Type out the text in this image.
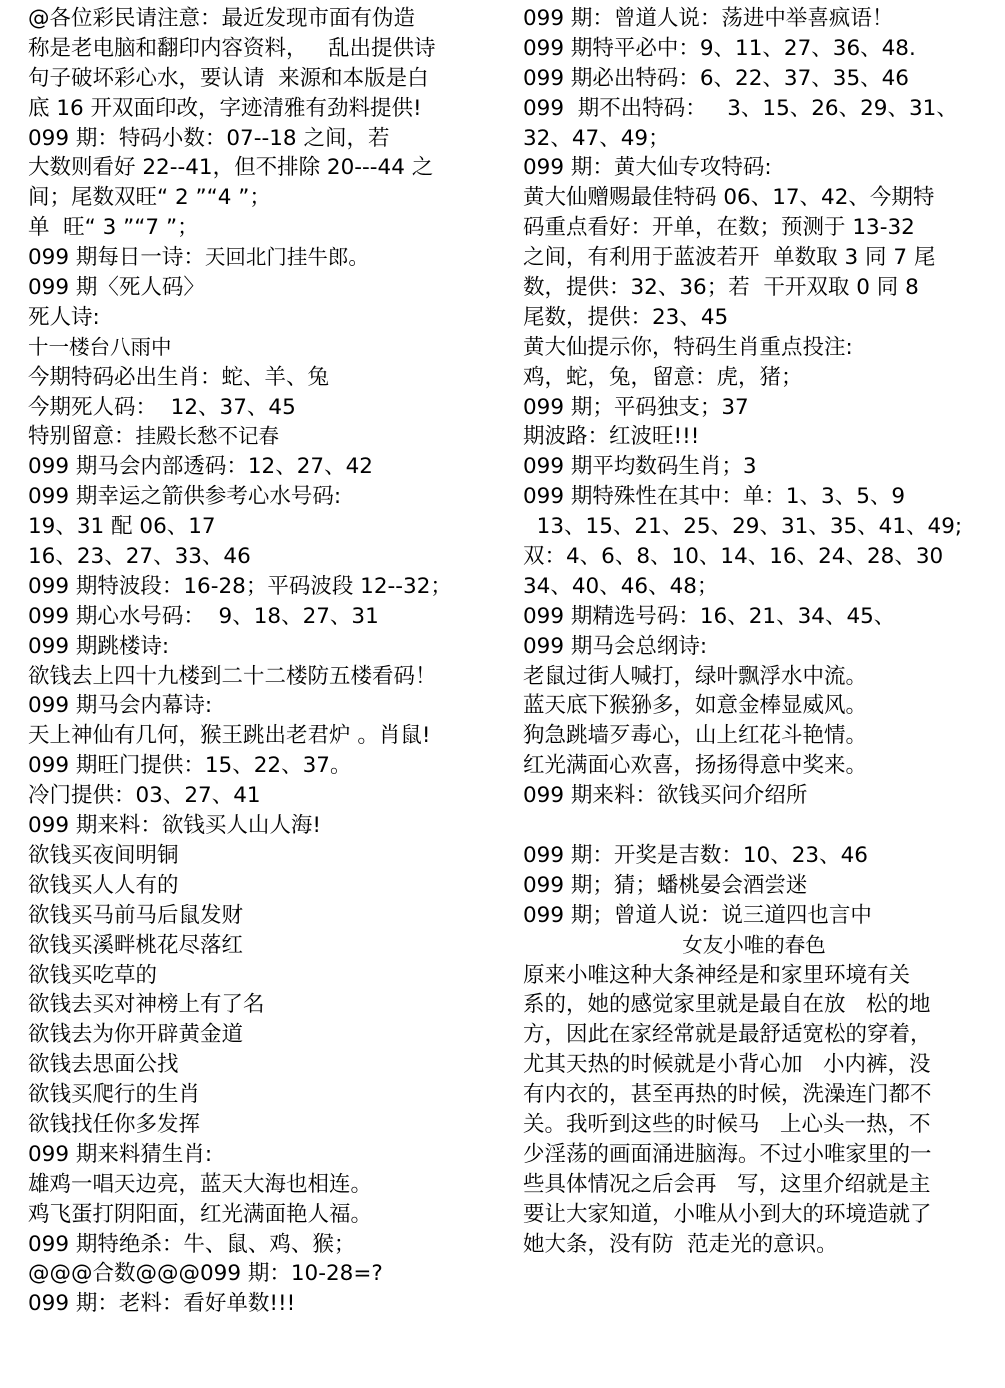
@各位彩民请注意：最近发现市面有伪造
称是老电脑和翻印内容资料，   乱出提供诗
句子破坏彩心水，要认请  来源和本版是白
底 16 开双面印改，字迹清雅有劲料提供!
099 期：特码小数：07--18 之间，若
大数则看好 22--41，但不排除 20---44 之
间；尾数双旺“ 2 ”“4 ”；
单  旺“ 3 ”“7 ”；
099 期每日一诗：天回北门挂牛郎。
099 期〈死人码〉
死人诗:
十一楼台八雨中
今期特码必出生肖：蛇、羊、兔
今期死人码：  12、37、45
特别留意：挂殿长愁不记春
099 期马会内部透码：12、27、42
099 期幸运之箭供参考心水号码:
19、31 配 06、17
16、23、27、33、46
099 期特波段：16-28；平码波段 12--32；
099 期心水号码：  9、18、27、31
099 期跳楼诗:
欲钱去上四十九楼到二十二楼防五楼看码！
099 期马会内幕诗:
天上神仙有几何，猴王跳出老君炉 。肖鼠!
099 期旺门提供：15、22、37。
冷门提供：03、27、41
099 期来料：欲钱买人山人海!
欲钱买夜间明铜
欲钱买人人有的
欲钱买马前马后鼠发财
欲钱买溪畔桃花尽落红
欲钱买吃草的
欲钱去买对神榜上有了名
欲钱去为你开辟黄金道
欲钱去思面公找
欲钱买爬行的生肖
欲钱找任你多发挥
099 期来料猜生肖:
雄鸡一唱天边亮，蓝天大海也相连。
鸡飞蛋打阴阳面，红光满面艳人福。
099 期特绝杀：牛、鼠、鸡、猴；
@@@合数@@@099 期：10-28=?
099 期：老料：看好单数!!!
099 期：曾道人说：荡进中举喜疯语！
099 期特平必中：9、11、27、36、48.
099 期必出特码：6、22、37、35、46
099  期不出特码：   3、15、26、29、31、
32、47、49；
099 期：黄大仙专攻特码:
黄大仙赠赐最佳特码 06、17、42、今期特
码重点看好：开单，在数；预测于 13-32
之间，有利用于蓝波若开  单数取 3 同 7 尾
数，提供：32、36；若  干开双取 0 同 8
尾数，提供：23、45
黄大仙提示你，特码生肖重点投注:
鸡，蛇，兔，留意：虎，猪；
099 期；平码独支；37
期波路：红波旺!!!
099 期平均数码生肖；3
099 期特殊性在其中：单：1、3、5、9
13、15、21、25、29、31、35、41、49;
双：4、6、8、10、14、16、24、28、30
34、40、46、48；
099 期精选号码：16、21、34、45、
099 期马会总纲诗:
老鼠过街人喊打，绿叶飘浮水中流。
蓝天底下猴狲多，如意金棒显威风。
狗急跳墙歹毒心，山上红花斗艳情。
红光满面心欢喜，扬扬得意中奖来。
099 期来料：欲钱买问介绍所
099 期：开奖是吉数：10、23、46
099 期；猜；蟠桃晏会酒尝迷
099 期；曾道人说：说三道四也言中
女友小唯的春色
原来小唯这种大条神经是和家里环境有关
系的，她的感觉家里就是最自在放   松的地
方，因此在家经常就是最舒适宽松的穿着，
尤其天热的时候就是小背心加   小内裤，没
有内衣的，甚至再热的时候，洗澡连门都不
关。我听到这些的时候马   上心头一热，不
少淫荡的画面涌进脑海。不过小唯家里的一
些具体情况之后会再   写，这里介绍就是主
要让大家知道，小唯从小到大的环境造就了
她大条，没有防  范走光的意识。
